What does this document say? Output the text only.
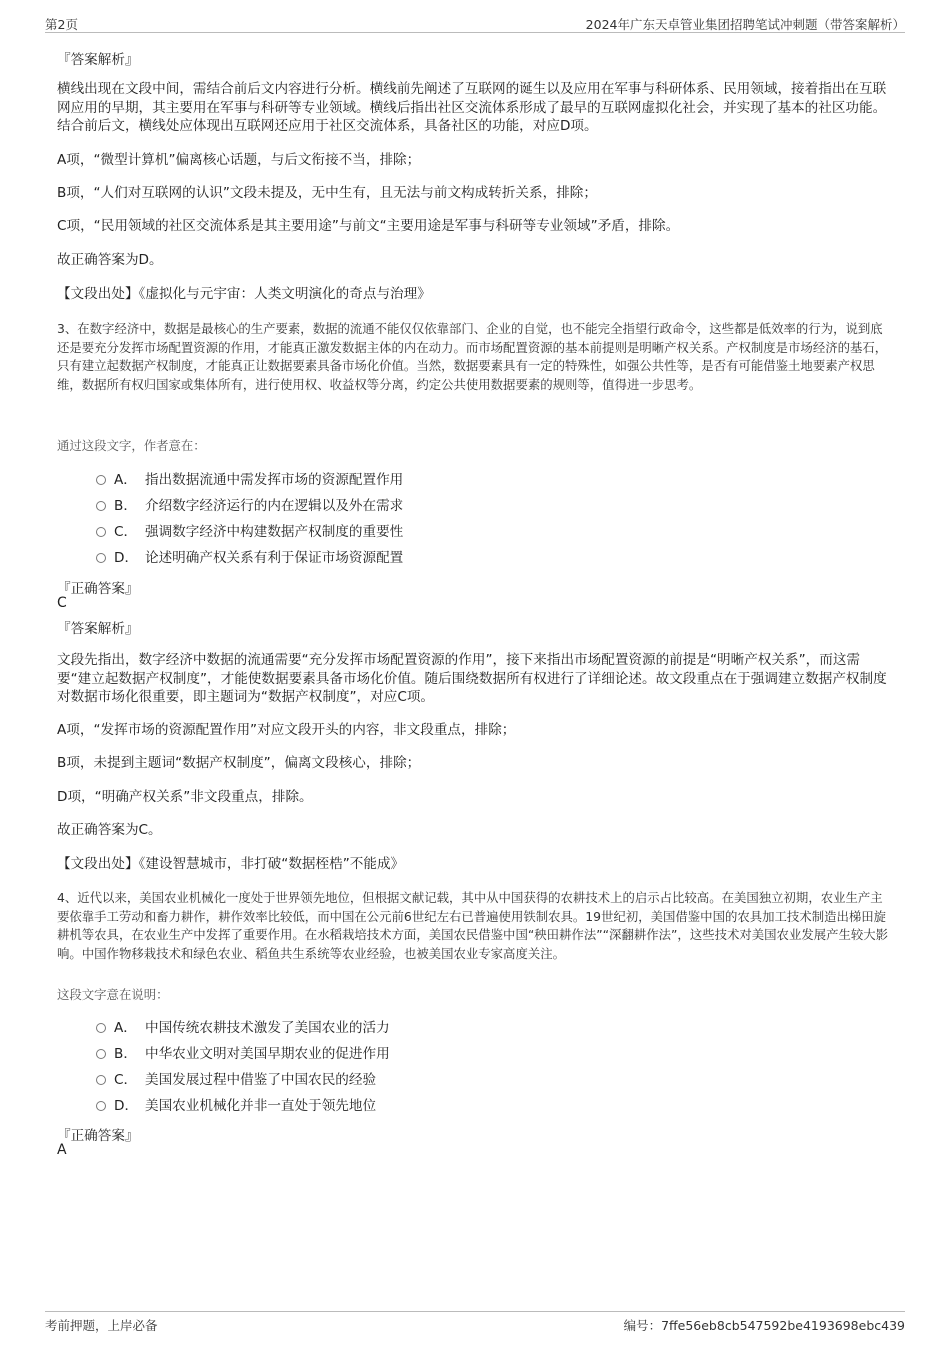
第2页	2024年广东天卓管业集团招聘笔试冲刺题（带答案解析）
『答案解析』
横线出现在文段中间，需结合前后文内容进行分析。横线前先阐述了互联网的诞生以及应用在军事与科研体系、民用领域，接着指出在互联网应用的早期，其主要用在军事与科研等专业领域。横线后指出社区交流体系形成了最早的互联网虚拟化社会，并实现了基本的社区功能。结合前后文，横线处应体现出互联网还应用于社区交流体系，具备社区的功能，对应D项。
A项，“微型计算机”偏离核心话题，与后文衔接不当，排除；
B项，“人们对互联网的认识”文段未提及，无中生有，且无法与前文构成转折关系，排除；
C项，“民用领域的社区交流体系是其主要用途”与前文“主要用途是军事与科研等专业领域”矛盾，排除。
故正确答案为D。
【文段出处】《虚拟化与元宇宙：人类文明演化的奇点与治理》
3、在数字经济中，数据是最核心的生产要素，数据的流通不能仅仅依靠部门、企业的自觉，也不能完全指望行政命令，这些都是低效率的行为，说到底还是要充分发挥市场配置资源的作用，才能真正激发数据主体的内在动力。而市场配置资源的基本前提则是明晰产权关系。产权制度是市场经济的基石，只有建立起数据产权制度，才能真正让数据要素具备市场化价值。当然，数据要素具有一定的特殊性，如强公共性等，是否有可能借鉴土地要素产权思维，数据所有权归国家或集体所有，进行使用权、收益权等分离，约定公共使用数据要素的规则等，值得进一步思考。
通过这段文字，作者意在：
A． 指出数据流通中需发挥市场的资源配置作用
B． 介绍数字经济运行的内在逻辑以及外在需求
C． 强调数字经济中构建数据产权制度的重要性
D． 论述明确产权关系有利于保证市场资源配置
『正确答案』
C
『答案解析』
文段先指出，数字经济中数据的流通需要“充分发挥市场配置资源的作用”，接下来指出市场配置资源的前提是“明晰产权关系”，而这需要“建立起数据产权制度”，才能使数据要素具备市场化价值。随后围绕数据所有权进行了详细论述。故文段重点在于强调建立数据产权制度对数据市场化很重要，即主题词为“数据产权制度”，对应C项。
A项，“发挥市场的资源配置作用”对应文段开头的内容，非文段重点，排除；
B项，未提到主题词“数据产权制度”，偏离文段核心，排除；
D项，“明确产权关系”非文段重点，排除。
故正确答案为C。
【文段出处】《建设智慧城市，非打破“数据桎梏”不能成》
4、近代以来，美国农业机械化一度处于世界领先地位，但根据文献记载，其中从中国获得的农耕技术上的启示占比较高。在美国独立初期，农业生产主要依靠手工劳动和畜力耕作，耕作效率比较低，而中国在公元前6世纪左右已普遍使用铁制农具。19世纪初，美国借鉴中国的农具加工技术制造出梯田旋耕机等农具，在农业生产中发挥了重要作用。在水稻栽培技术方面，美国农民借鉴中国“秧田耕作法”“深翻耕作法”，这些技术对美国农业发展产生较大影响。中国作物移栽技术和绿色农业、稻鱼共生系统等农业经验，也被美国农业专家高度关注。
这段文字意在说明：
A． 中国传统农耕技术激发了美国农业的活力
B． 中华农业文明对美国早期农业的促进作用
C． 美国发展过程中借鉴了中国农民的经验
D． 美国农业机械化并非一直处于领先地位
『正确答案』
A
考前押题，上岸必备	编号：7ffe56eb8cb547592be4193698ebc439
